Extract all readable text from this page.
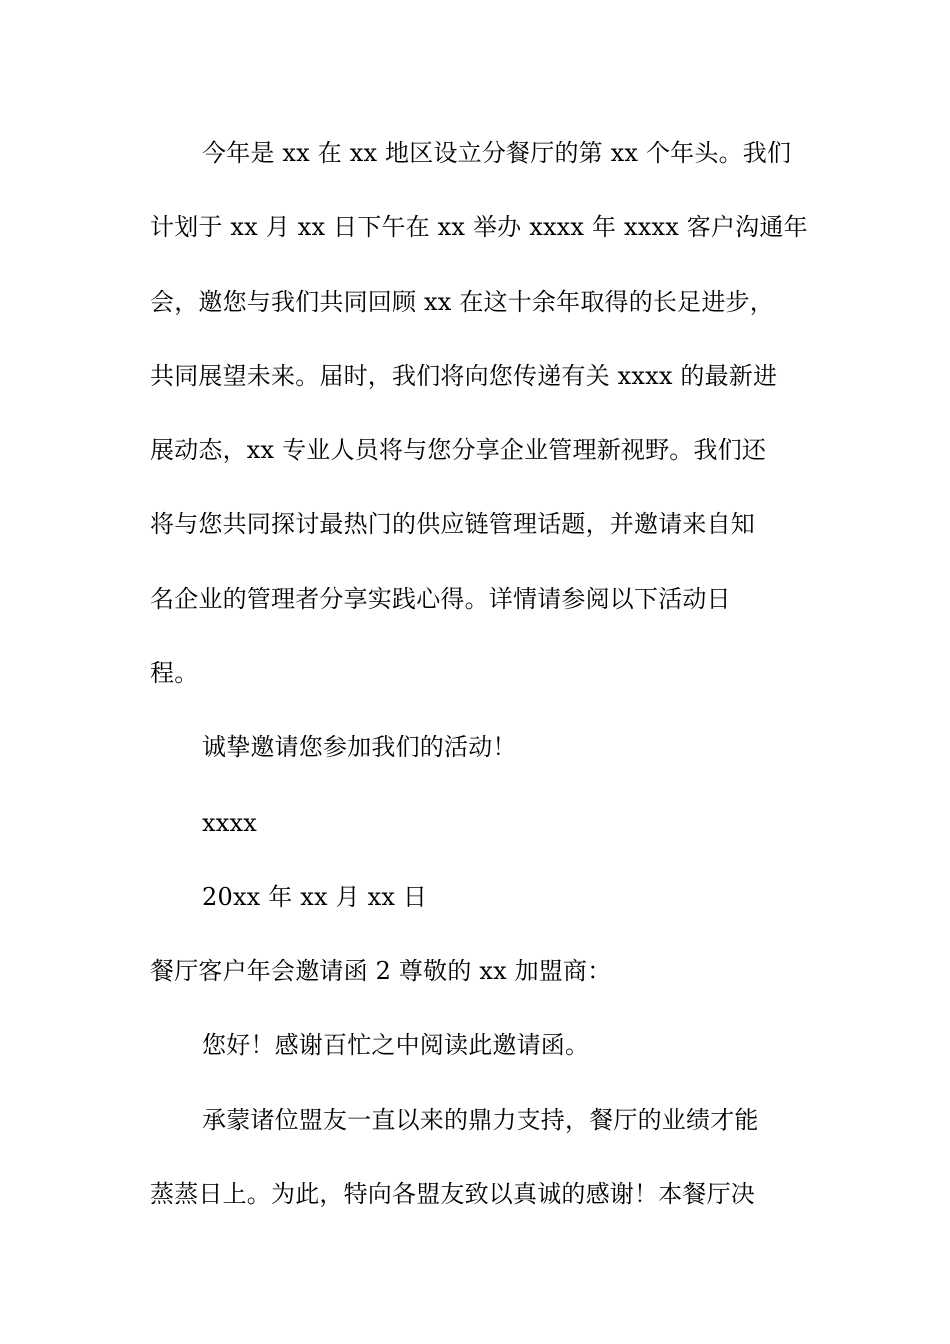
今年是 xx 在 xx 地区设立分餐厅的第 xx 个年头。我们
计划于 xx 月 xx 日下午在 xx 举办 xxxx 年 xxxx 客户沟通年
会，邀您与我们共同回顾 xx 在这十余年取得的长足进步，
共同展望未来。届时，我们将向您传递有关 xxxx 的最新进
展动态，xx 专业人员将与您分享企业管理新视野。我们还
将与您共同探讨最热门的供应链管理话题，并邀请来自知
名企业的管理者分享实践心得。详情请参阅以下活动日
程。
诚挚邀请您参加我们的活动！
xxxx
20xx 年 xx 月 xx 日
餐厅客户年会邀请函 2 尊敬的 xx 加盟商：
您好！感谢百忙之中阅读此邀请函。
承蒙诸位盟友一直以来的鼎力支持，餐厅的业绩才能
蒸蒸日上。为此，特向各盟友致以真诚的感谢！本餐厅决
